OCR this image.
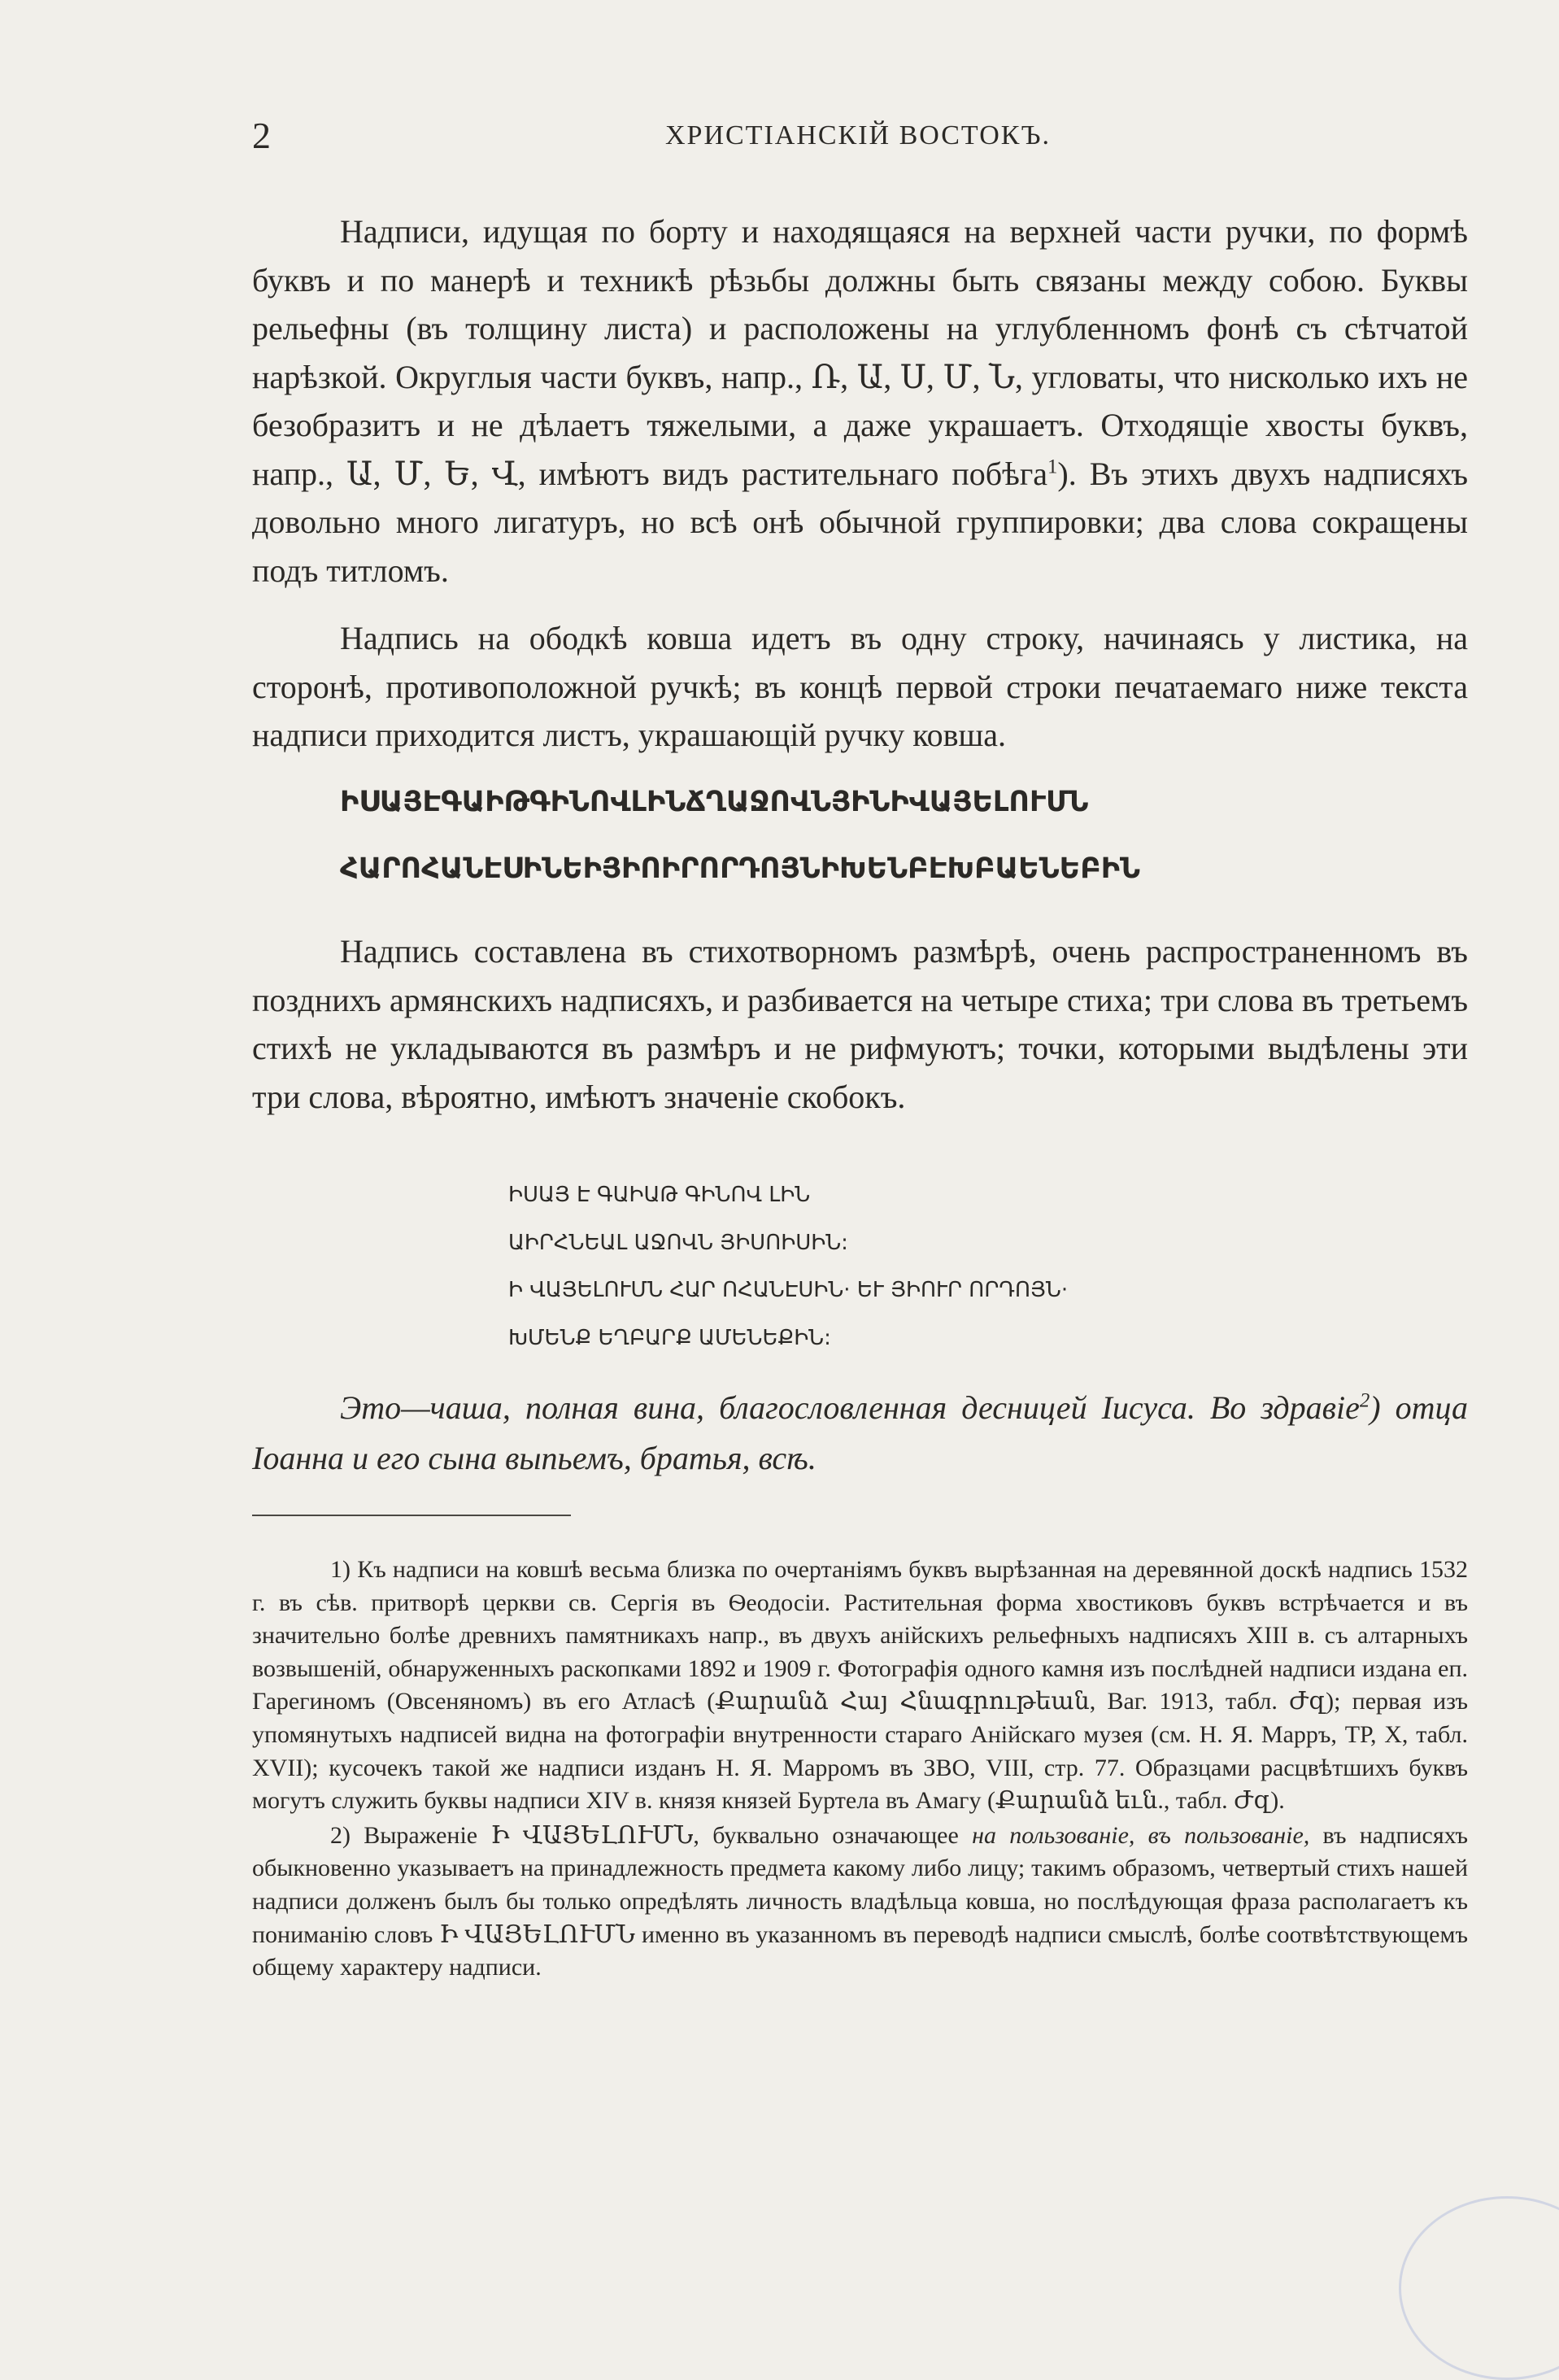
2	ХРИСТІАНСКІЙ ВОСТОКЪ.

Надписи, идущая по борту и находящаяся на верхней части ручки, по формѣ буквъ и по манерѣ и техникѣ рѣзьбы должны быть связаны между собою. Буквы рельефны (въ толщину листа) и расположены на углубленномъ фонѣ съ сѣтчатой нарѣзкой. Округлыя части буквъ, напр., Ռ, Ա, Ս, Մ, Ն, угловаты, что нисколько ихъ не безобразитъ и не дѣлаетъ тяжелыми, а даже украшаетъ. Отходящіе хвосты буквъ, напр., Ա, Մ, Ե, Վ, имѣютъ видъ растительнаго побѣга$^1$). Въ этихъ двухъ надписяхъ довольно много лигатуръ, но всѣ онѣ обычной группировки; два слова сокращены подъ титломъ.

Надпись на ободкѣ ковша идетъ въ одну строку, начинаясь у листика, на сторонѣ, противоположной ручкѣ; въ концѣ первой строки печатаемаго ниже текста надписи приходится листъ, украшающій ручку ковша.

ԻՍԱՅԷԳԱԻԹԳԻՆՈՎԼԻՆՃՂԱՋՈՎՆՅԻՆԻՎԱՅԵԼՈՒՄՆ
ՀԱՐՈՀԱՆԷՍԻՆԵԻՅԻՈԻՐՈՐԴՈՅՆԻԽԵՆԲԷԽԲԱԵՆԵԲԻՆ

Надпись составлена въ стихотворномъ размѣрѣ, очень распространенномъ въ позднихъ армянскихъ надписяхъ, и разбивается на четыре стиха; три слова въ третьемъ стихѣ не укладываются въ размѣръ и не рифмуютъ; точки, которыми выдѣлены эти три слова, вѣроятно, имѣютъ значеніе скобокъ.

ԻՍԱՅ Է ԳԱԻԱԹ ԳԻՆՈՎ ԼԻՆ
ԱԻՐՀՆԵԱԼ ԱՋՈՎՆ ՅԻՍՈԻՍԻՆ:
Ի ՎԱՅԵԼՈՒՄՆ ՀԱՐ ՈՀԱՆԷՍԻՆ· ԵՒ ՅԻՈՒՐ ՈՐԴՈՅՆ·
ԽՄԵՆՔ ԵՂԲԱՐՔ ԱՄԵՆԵՔԻՆ:

Это—чаша, полная вина, благословленная десницей Іисуса. Во здравіе$^2$) отца Іоанна и его сына выпьемъ, братья, всѣ.

1) Къ надписи на ковшѣ весьма близка по очертаніямъ буквъ вырѣзанная на деревянной доскѣ надпись 1532 г. въ сѣв. притворѣ церкви св. Сергія въ Ѳеодосіи. Растительная форма хвостиковъ буквъ встрѣчается и въ значительно болѣе древнихъ памятникахъ напр., въ двухъ анійскихъ рельефныхъ надписяхъ XIII в. съ алтарныхъ возвышеній, обнаруженныхъ раскопками 1892 и 1909 г. Фотографія одного камня изъ послѣдней надписи издана еп. Гарегиномъ (Овсеняномъ) въ его Атласѣ (Քարանձ Հայ Հնագրութեան, Ваг. 1913, табл. Ժզ); первая изъ упомянутыхъ надписей видна на фотографіи внутренности стараго Анійскаго музея (см. Н. Я. Марръ, ТР, X, табл. XVII); кусочекъ такой же надписи изданъ Н. Я. Марромъ въ ЗВО, VIII, стр. 77. Образцами расцвѣтшихъ буквъ могутъ служить буквы надписи XIV в. князя князей Буртела въ Амагу (Քարանձ եւն., табл. Ժզ).

2) Выраженіе Ի ՎԱՅԵԼՈՒՄՆ, буквально означающее на пользованіе, въ пользованіе, въ надписяхъ обыкновенно указываетъ на принадлежность предмета какому либо лицу; такимъ образомъ, четвертый стихъ нашей надписи долженъ былъ бы только опредѣлять личность владѣльца ковша, но послѣдующая фраза располагаетъ къ пониманію словъ Ի ՎԱՅԵԼՈՒՄՆ именно въ указанномъ въ переводѣ надписи смыслѣ, болѣе соотвѣтствующемъ общему характеру надписи.
